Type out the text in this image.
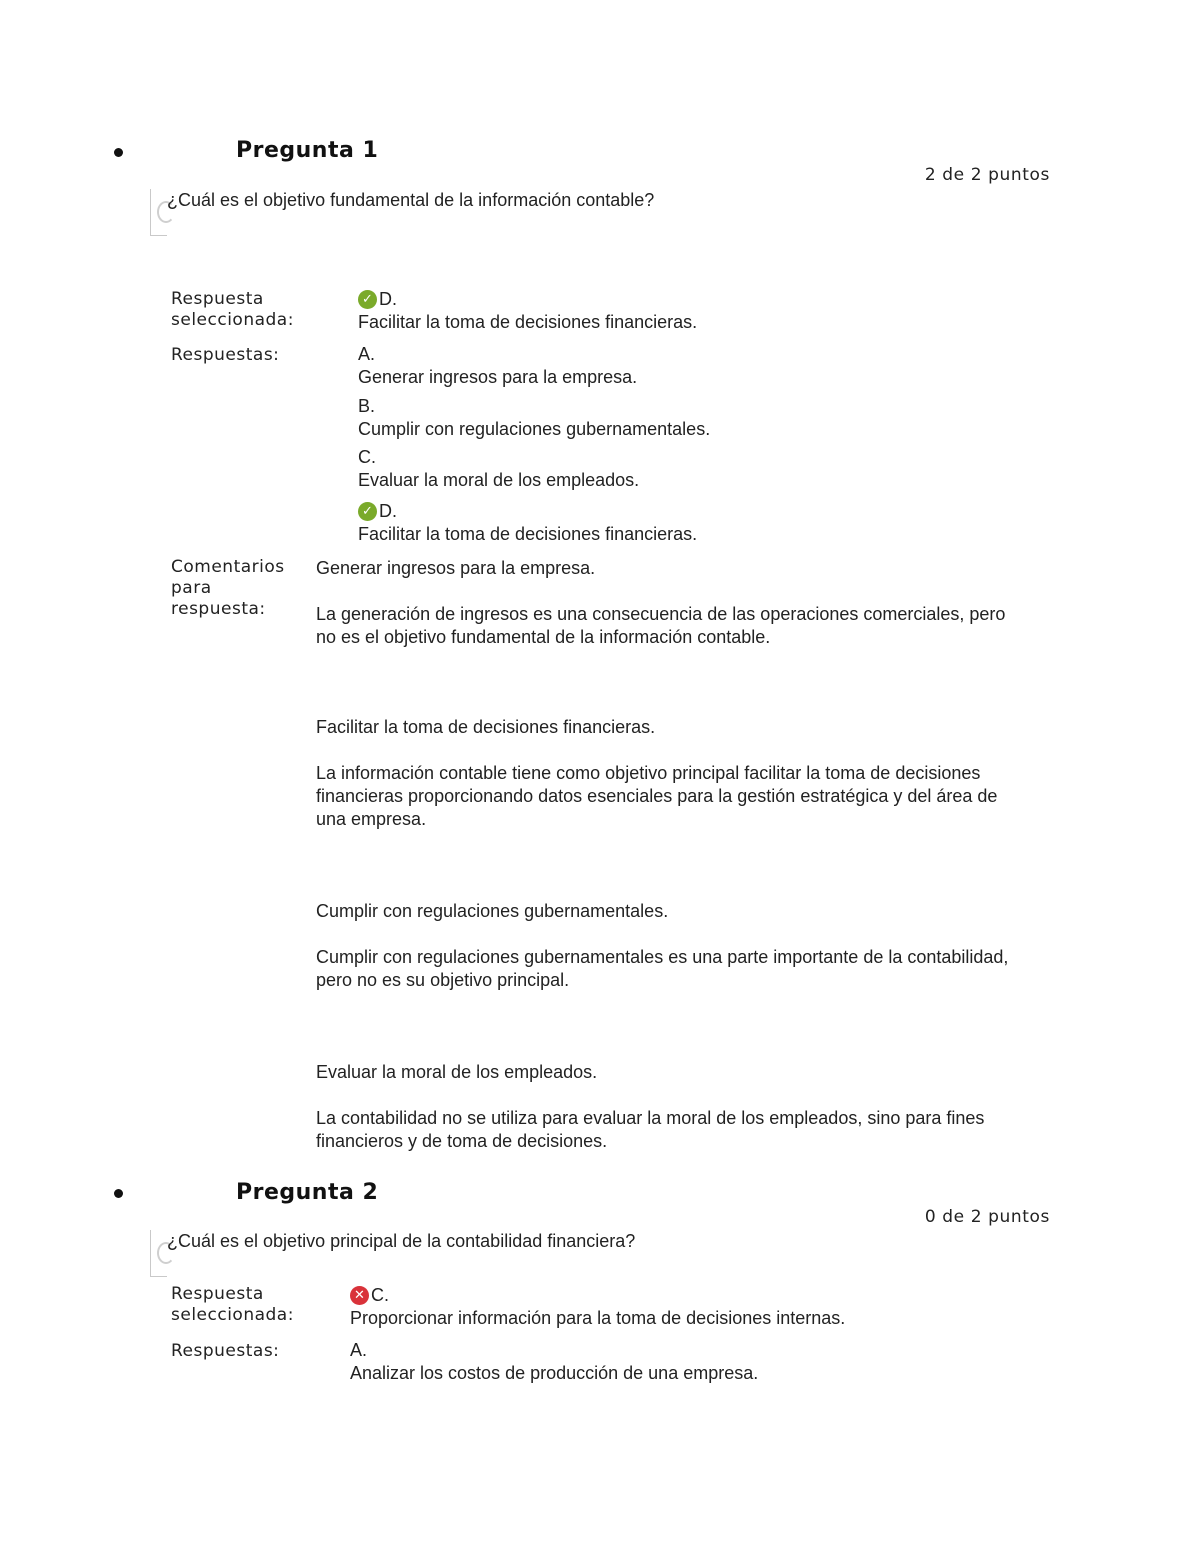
Pregunta 1
2 de 2 puntos
¿Cuál es el objetivo fundamental de la información contable?
Respuesta seleccionada:
✓ D.
Facilitar la toma de decisiones financieras.
Respuestas:	A.
Generar ingresos para la empresa.
B.
Cumplir con regulaciones gubernamentales.
C.
Evaluar la moral de los empleados.
✓ D.
Facilitar la toma de decisiones financieras.
Comentarios para respuesta:

Generar ingresos para la empresa.

La generación de ingresos es una consecuencia de las operaciones comerciales, pero no es el objetivo fundamental de la información contable.

Facilitar la toma de decisiones financieras.

La información contable tiene como objetivo principal facilitar la toma de decisiones financieras proporcionando datos esenciales para la gestión estratégica y del área de una empresa.

Cumplir con regulaciones gubernamentales.

Cumplir con regulaciones gubernamentales es una parte importante de la contabilidad, pero no es su objetivo principal.

Evaluar la moral de los empleados.

La contabilidad no se utiliza para evaluar la moral de los empleados, sino para fines financieros y de toma de decisiones.

Pregunta 2
0 de 2 puntos
¿Cuál es el objetivo principal de la contabilidad financiera?
Respuesta seleccionada:
✕ C.
Proporcionar información para la toma de decisiones internas.
Respuestas:	A.
Analizar los costos de producción de una empresa.
